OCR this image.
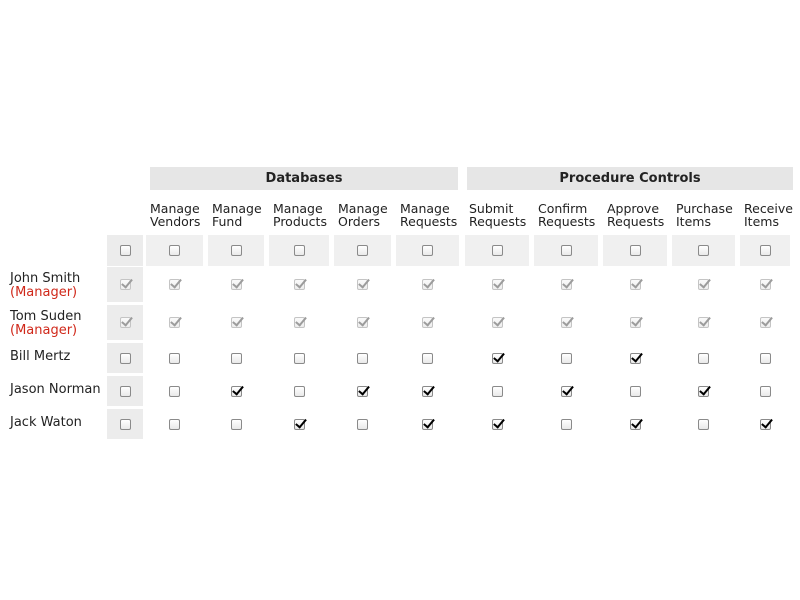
Databases	Procedure Controls
Manage
Vendors
Manage
Fund
Manage
Products
Manage
Orders
Manage
Requests
Submit
Requests
Confirm
Requests
Approve
Requests
Purchase
Items
Receive
Items
John Smith
(Manager)
Tom Suden
(Manager)
Bill Mertz
Jason Norman
Jack Waton
